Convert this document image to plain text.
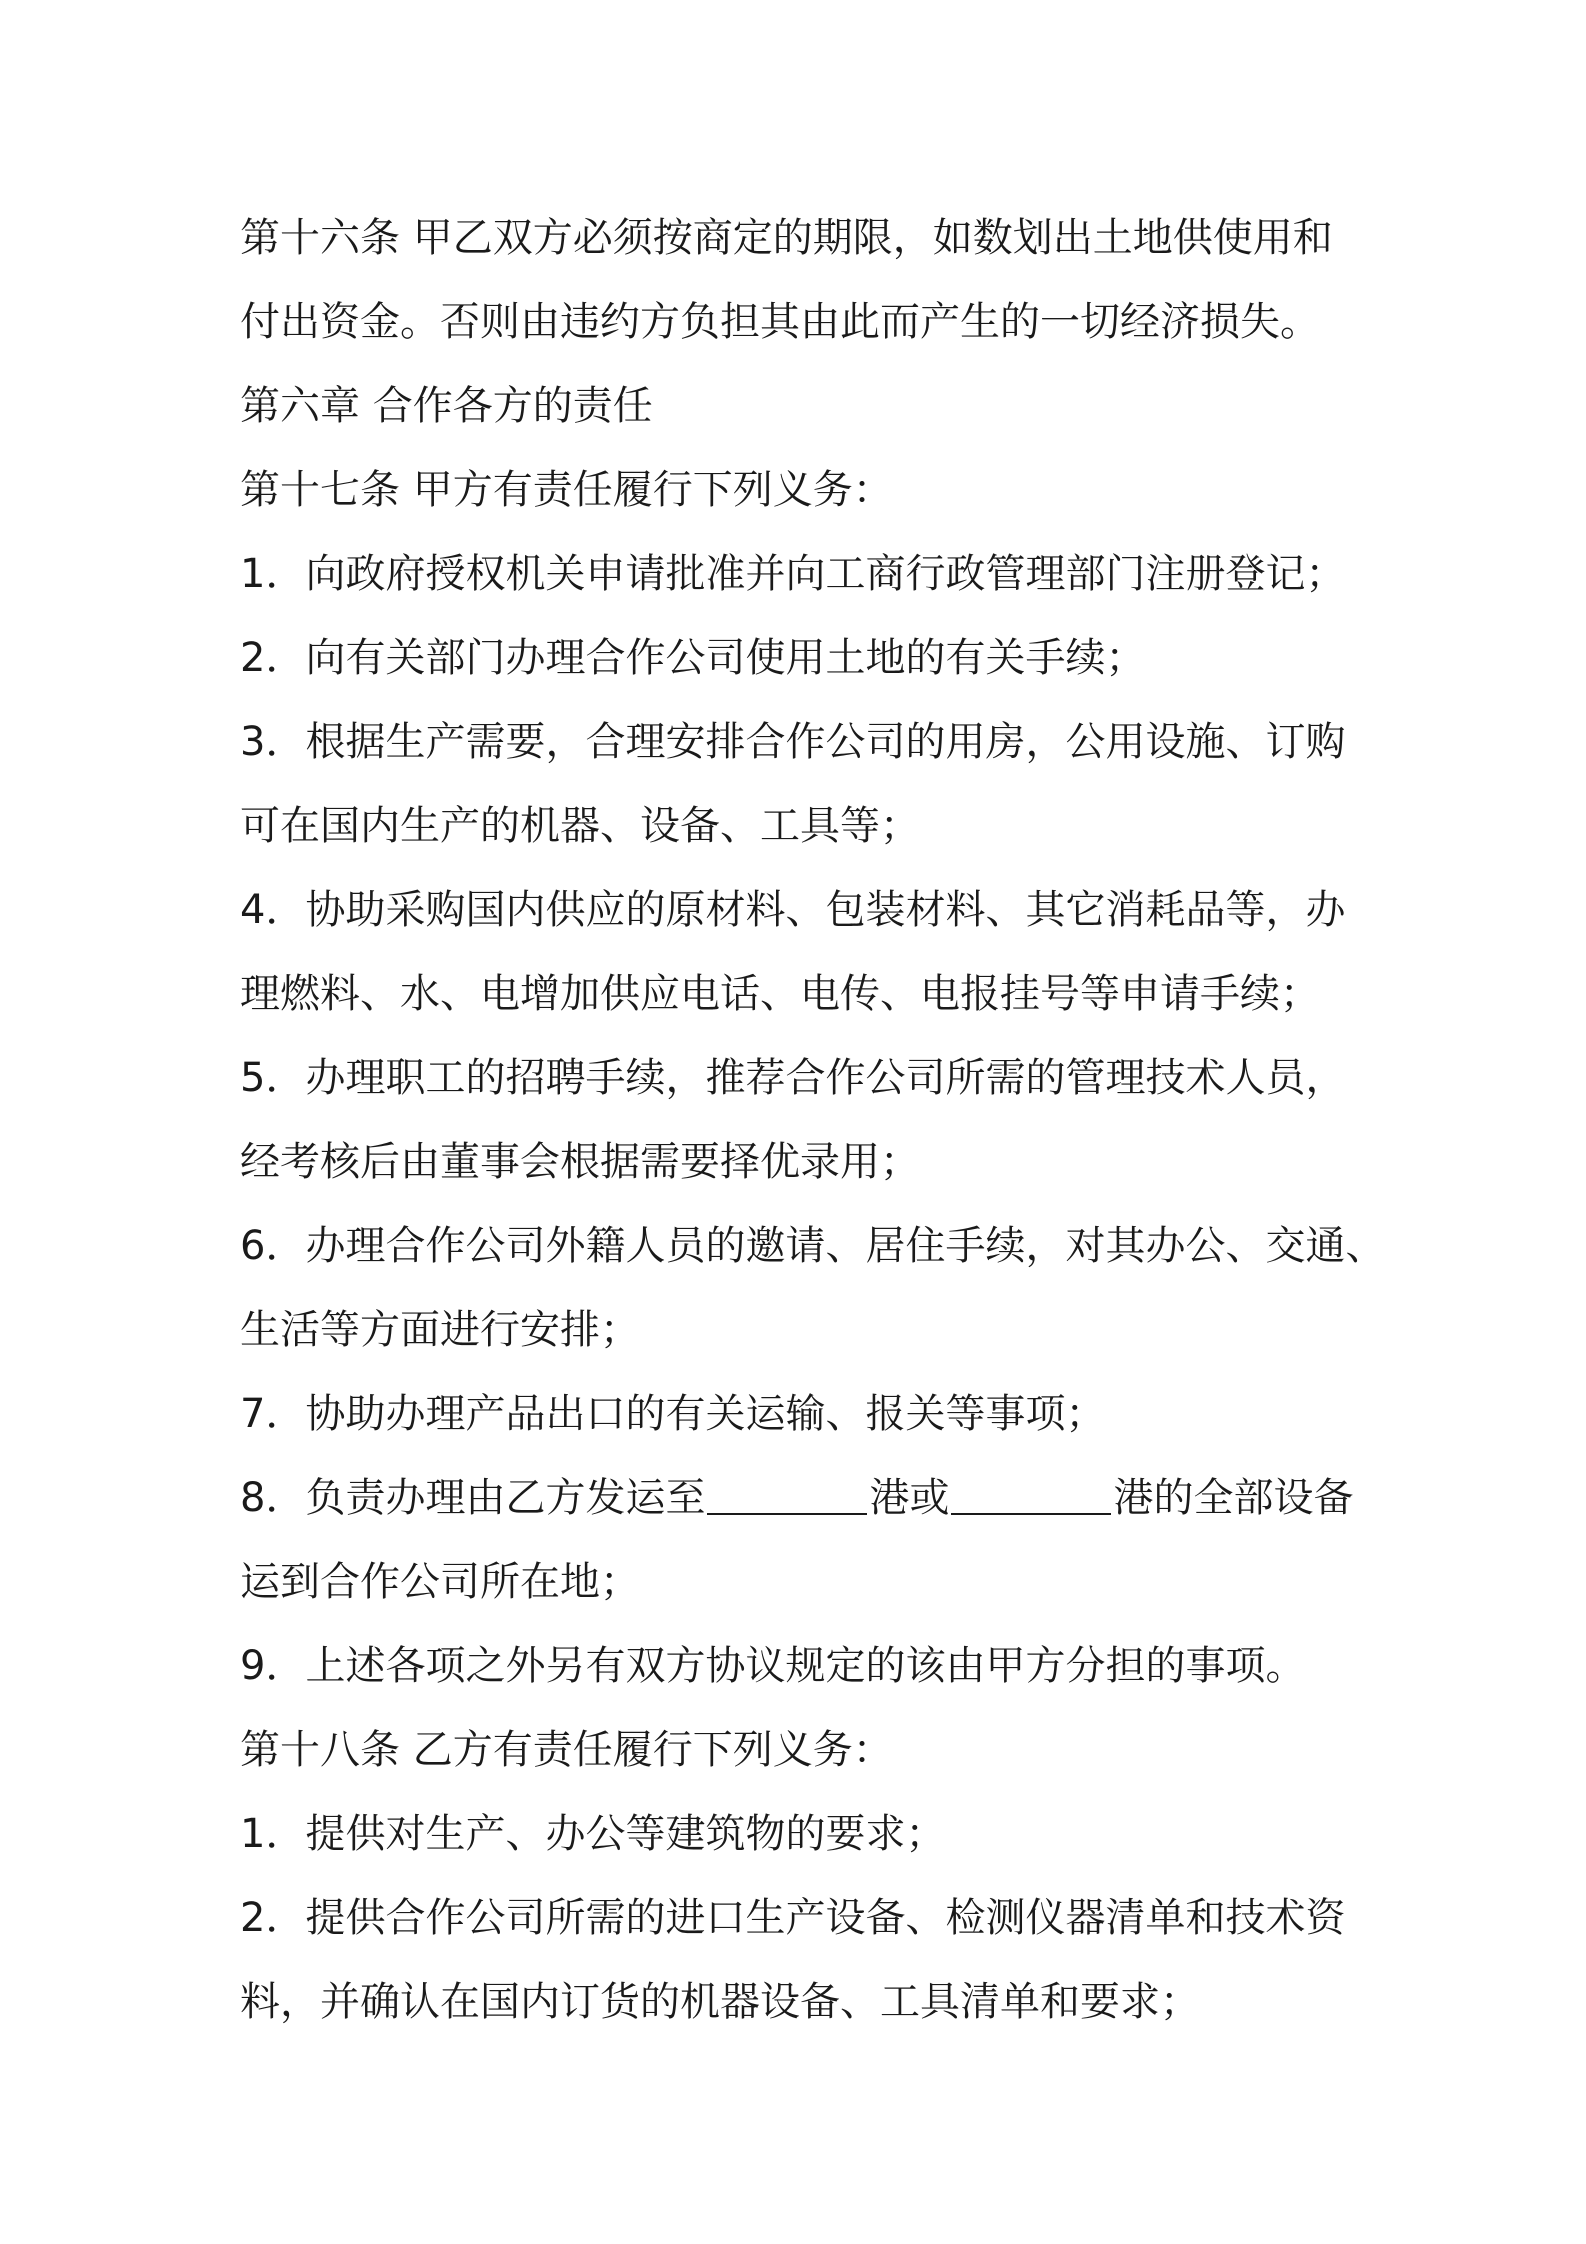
第十六条 甲乙双方必须按商定的期限，如数划出土地供使用和
付出资金。否则由违约方负担其由此而产生的一切经济损失。
第六章 合作各方的责任
第十七条 甲方有责任履行下列义务：
1．向政府授权机关申请批准并向工商行政管理部门注册登记；
2．向有关部门办理合作公司使用土地的有关手续；
3．根据生产需要，合理安排合作公司的用房，公用设施、订购
可在国内生产的机器、设备、工具等；
4．协助采购国内供应的原材料、包装材料、其它消耗品等，办
理燃料、水、电增加供应电话、电传、电报挂号等申请手续；
5．办理职工的招聘手续，推荐合作公司所需的管理技术人员，
经考核后由董事会根据需要择优录用；
6．办理合作公司外籍人员的邀请、居住手续，对其办公、交通、
生活等方面进行安排；
7．协助办理产品出口的有关运输、报关等事项；
8．负责办理由乙方发运至	港或	港的全部设备
运到合作公司所在地；
9．上述各项之外另有双方协议规定的该由甲方分担的事项。
第十八条 乙方有责任履行下列义务：
1．提供对生产、办公等建筑物的要求；
2．提供合作公司所需的进口生产设备、检测仪器清单和技术资
料，并确认在国内订货的机器设备、工具清单和要求；
